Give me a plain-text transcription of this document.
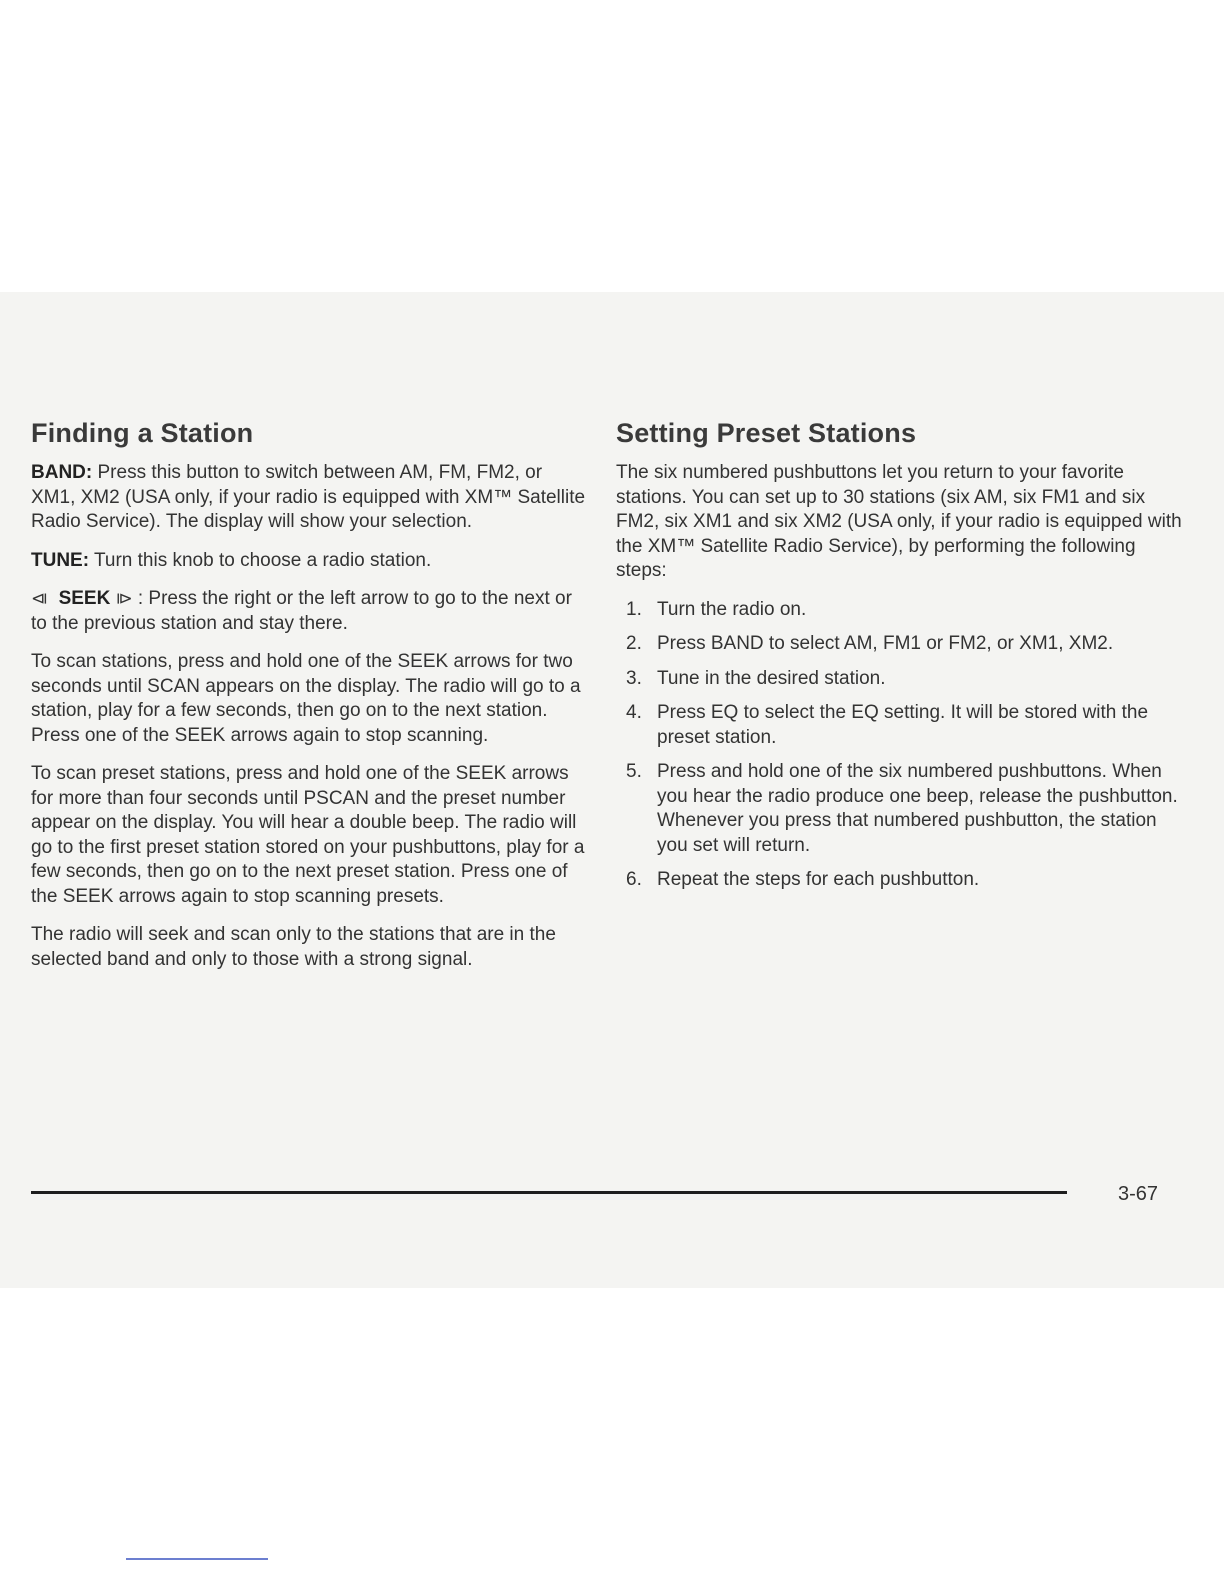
Finding a Station

BAND: Press this button to switch between AM, FM, FM2, or XM1, XM2 (USA only, if your radio is equipped with XM™ Satellite Radio Service). The display will show your selection.

TUNE: Turn this knob to choose a radio station.

⧏ SEEK ⧐ : Press the right or the left arrow to go to the next or to the previous station and stay there.

To scan stations, press and hold one of the SEEK arrows for two seconds until SCAN appears on the display. The radio will go to a station, play for a few seconds, then go on to the next station. Press one of the SEEK arrows again to stop scanning.

To scan preset stations, press and hold one of the SEEK arrows for more than four seconds until PSCAN and the preset number appear on the display. You will hear a double beep. The radio will go to the first preset station stored on your pushbuttons, play for a few seconds, then go on to the next preset station. Press one of the SEEK arrows again to stop scanning presets.

The radio will seek and scan only to the stations that are in the selected band and only to those with a strong signal.

Setting Preset Stations

The six numbered pushbuttons let you return to your favorite stations. You can set up to 30 stations (six AM, six FM1 and six FM2, six XM1 and six XM2 (USA only, if your radio is equipped with the XM™ Satellite Radio Service), by performing the following steps:

1. Turn the radio on.
2. Press BAND to select AM, FM1 or FM2, or XM1, XM2.
3. Tune in the desired station.
4. Press EQ to select the EQ setting. It will be stored with the preset station.
5. Press and hold one of the six numbered pushbuttons. When you hear the radio produce one beep, release the pushbutton. Whenever you press that numbered pushbutton, the station you set will return.
6. Repeat the steps for each pushbutton.
3-67
